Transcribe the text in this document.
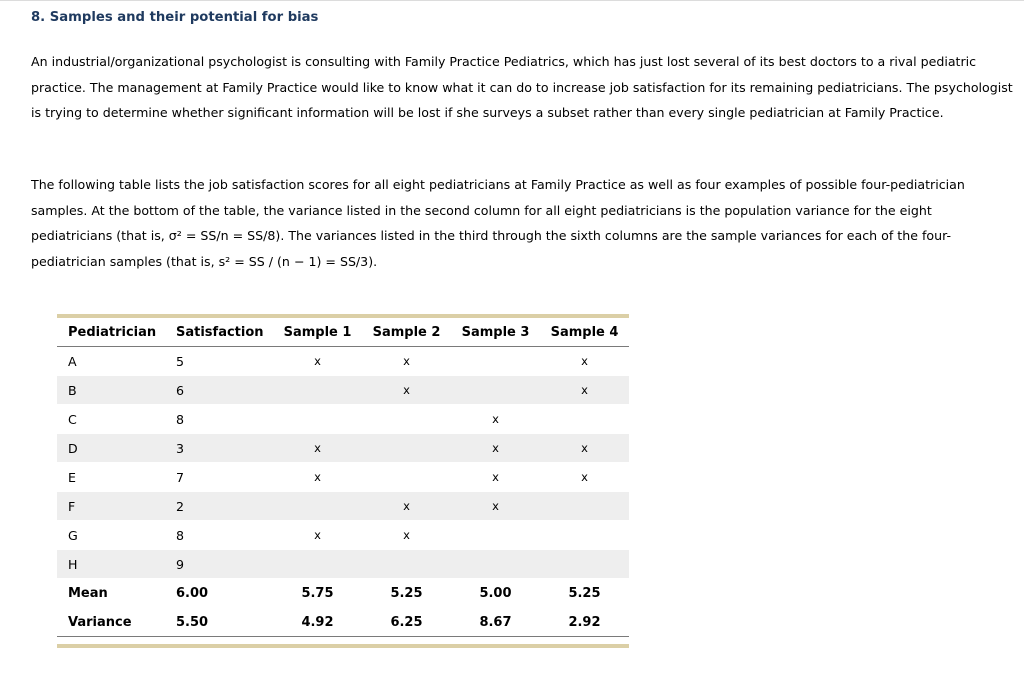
8. Samples and their potential for bias

An industrial/organizational psychologist is consulting with Family Practice Pediatrics, which has just lost several of its best doctors to a rival pediatric practice. The management at Family Practice would like to know what it can do to increase job satisfaction for its remaining pediatricians. The psychologist is trying to determine whether significant information will be lost if she surveys a subset rather than every single pediatrician at Family Practice.

The following table lists the job satisfaction scores for all eight pediatricians at Family Practice as well as four examples of possible four-pediatrician samples. At the bottom of the table, the variance listed in the second column for all eight pediatricians is the population variance for the eight pediatricians (that is, σ² = SS/n = SS/8). The variances listed in the third through the sixth columns are the sample variances for each of the four-pediatrician samples (that is, s² = SS / (n − 1) = SS/3).

Pediatrician	Satisfaction	Sample 1	Sample 2	Sample 3	Sample 4
A	5	x	x		x
B	6		x		x
C	8			x	
D	3	x		x	x
E	7	x		x	x
F	2		x	x	
G	8	x	x		
H	9				
Mean	6.00	5.75	5.25	5.00	5.25
Variance	5.50	4.92	6.25	8.67	2.92
